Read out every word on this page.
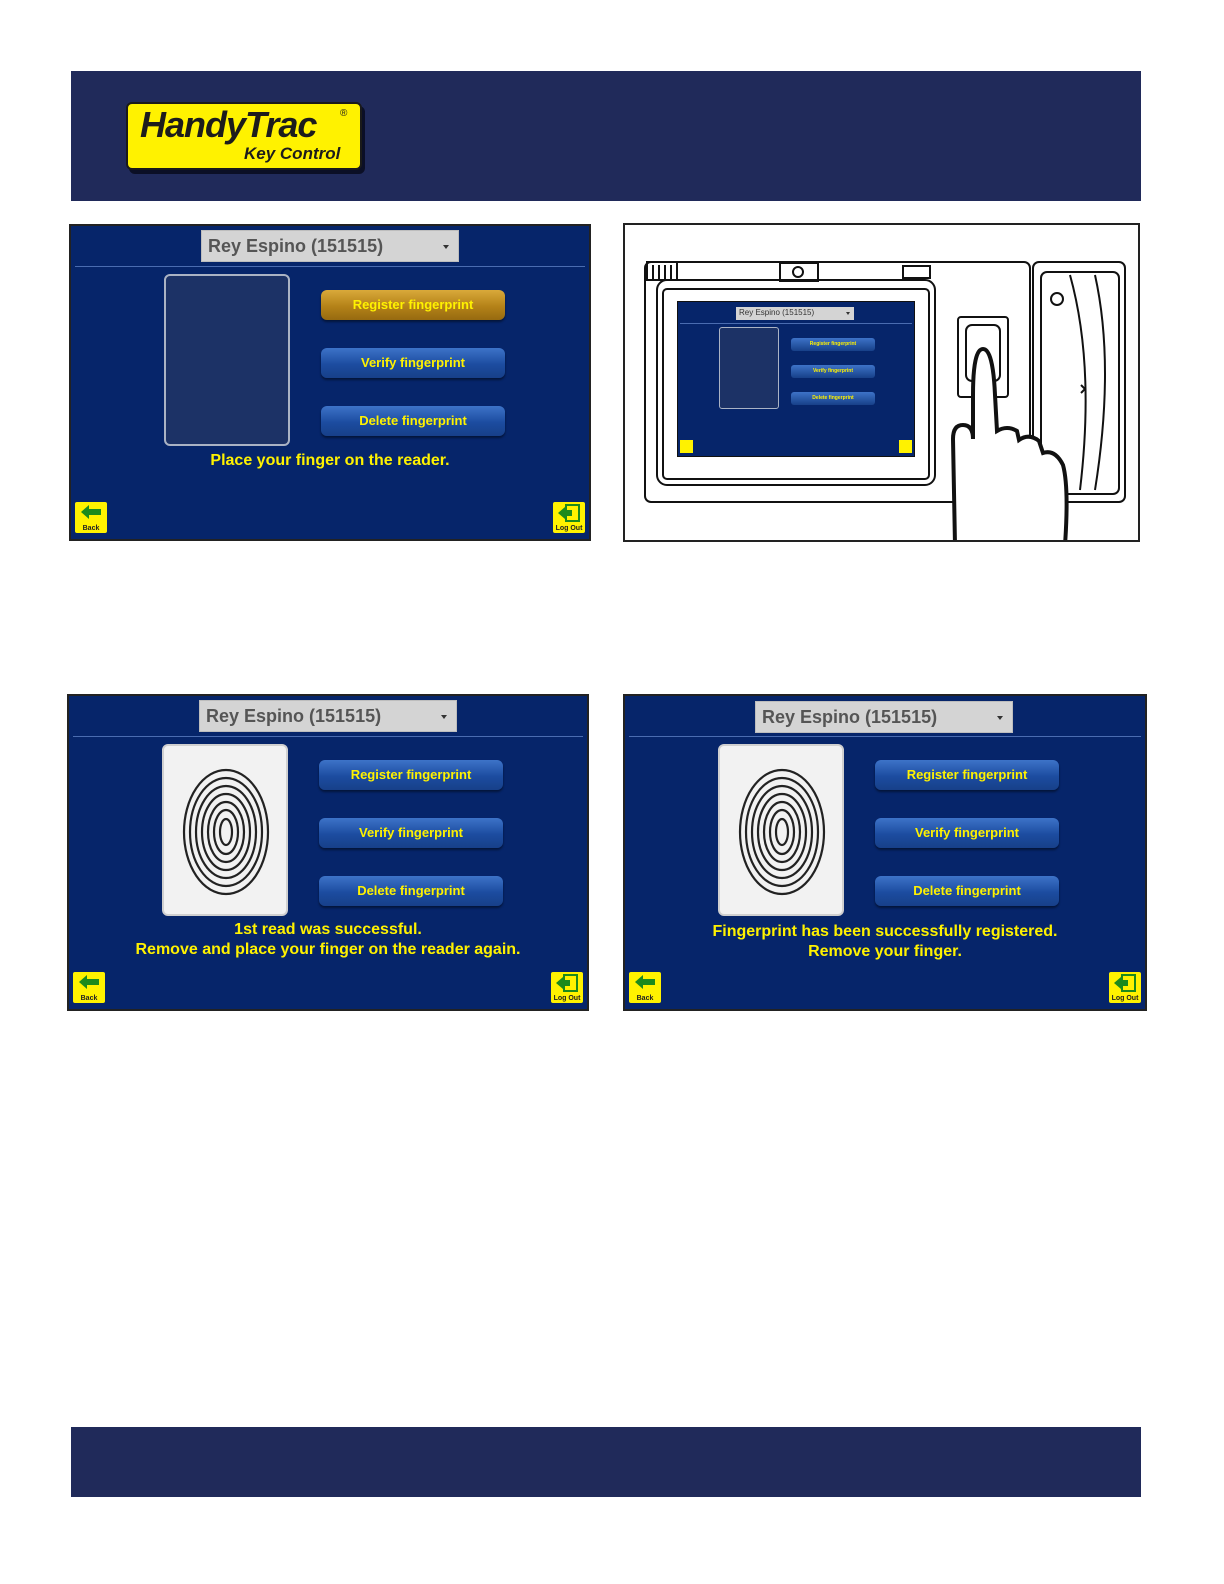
HandyTrac ®
Key Control
Rey Espino (151515)
Register fingerprint
Verify fingerprint
Delete fingerprint
Place your finger on the reader.
Back	Log Out
Rey Espino (151515)
Register fingerprint
Verify fingerprint
Delete fingerprint
Rey Espino (151515)
Register fingerprint
Verify fingerprint
Delete fingerprint
1st read was successful.
Remove and place your finger on the reader again.
Back	Log Out
Rey Espino (151515)
Register fingerprint
Verify fingerprint
Delete fingerprint
Fingerprint has been successfully registered.
Remove your finger.
Back	Log Out
